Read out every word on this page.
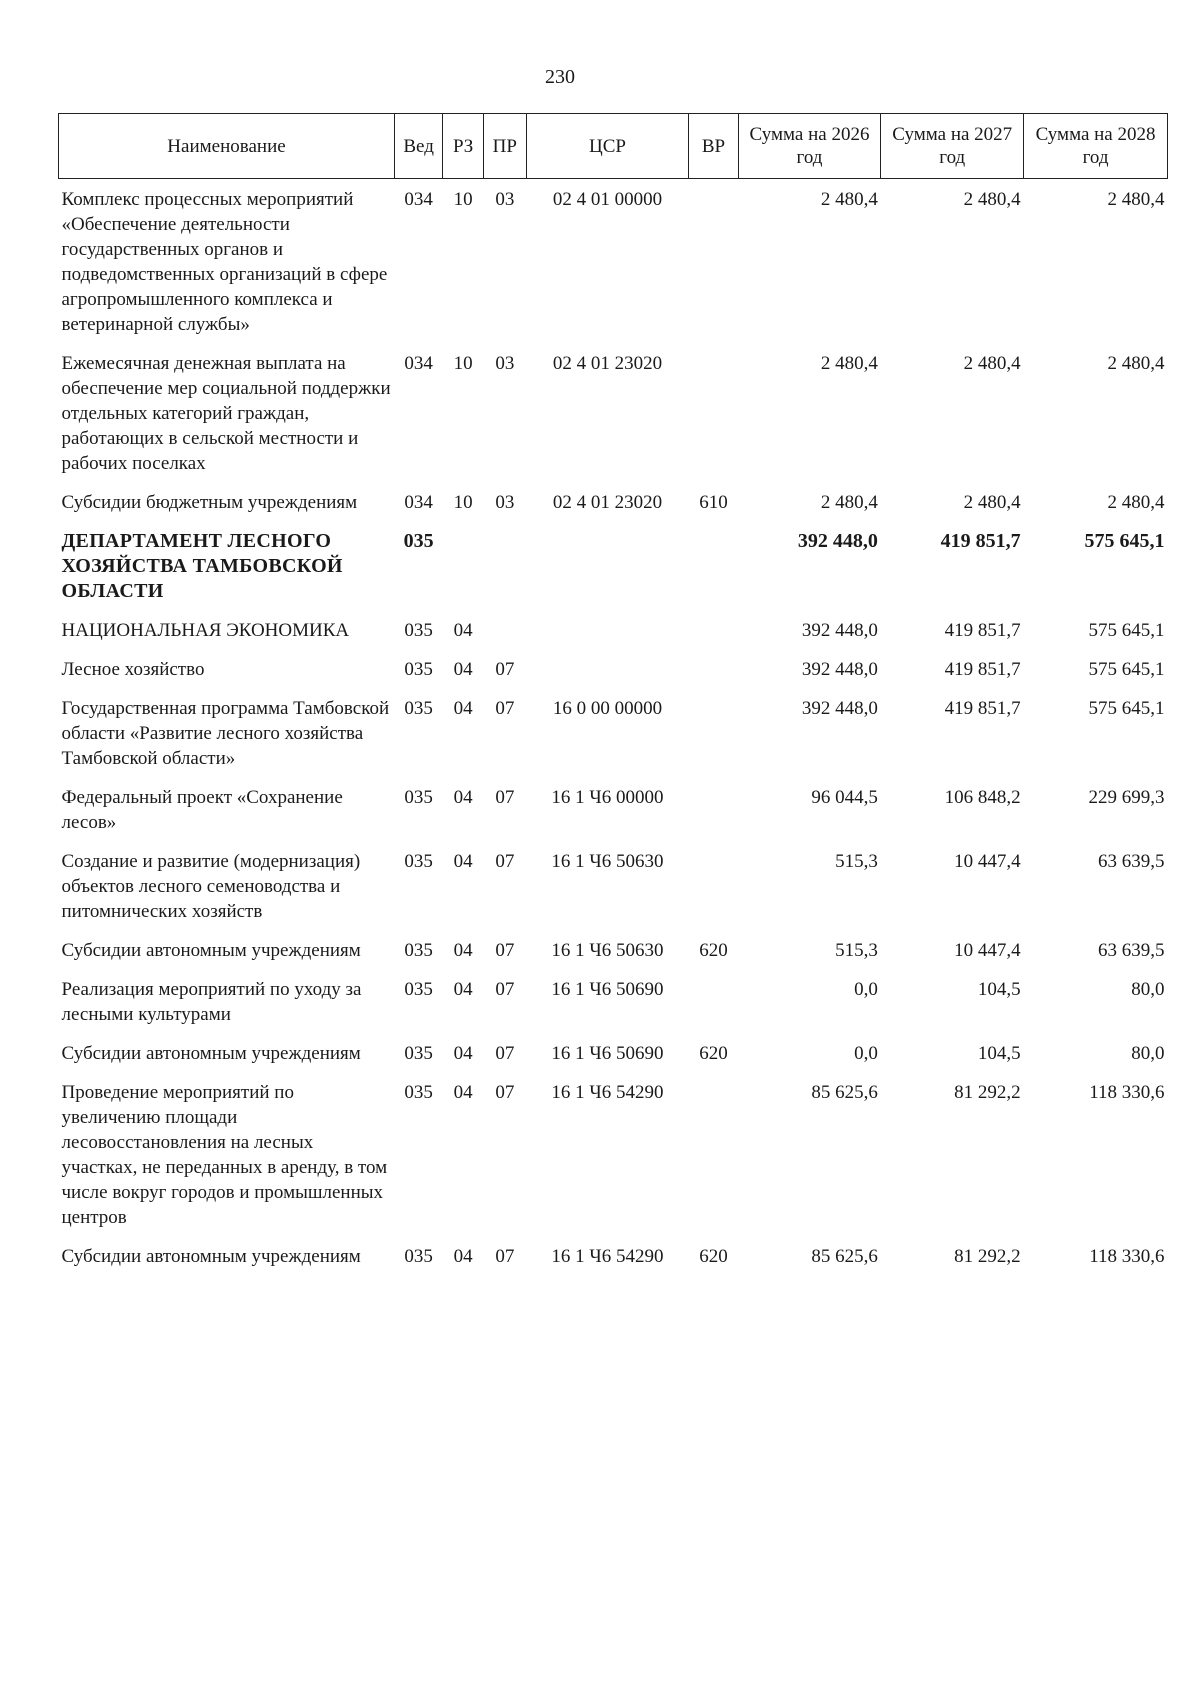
230
Наименование	Вед	РЗ	ПР	ЦСР	ВР	Сумма на 2026 год	Сумма на 2027 год	Сумма на 2028 год
Комплекс процессных мероприятий «Обеспечение деятельности государственных органов и подведомственных организаций в сфере агропромышленного комплекса и ветеринарной службы»	034	10	03	02 4 01 00000		2 480,4	2 480,4	2 480,4
Ежемесячная денежная выплата на обеспечение мер социальной поддержки отдельных категорий граждан, работающих в сельской местности и рабочих поселках	034	10	03	02 4 01 23020		2 480,4	2 480,4	2 480,4
Субсидии бюджетным учреждениям	034	10	03	02 4 01 23020	610	2 480,4	2 480,4	2 480,4
ДЕПАРТАМЕНТ ЛЕСНОГО ХОЗЯЙСТВА ТАМБОВСКОЙ ОБЛАСТИ	035					392 448,0	419 851,7	575 645,1
НАЦИОНАЛЬНАЯ ЭКОНОМИКА	035	04				392 448,0	419 851,7	575 645,1
Лесное хозяйство	035	04	07			392 448,0	419 851,7	575 645,1
Государственная программа Тамбовской области «Развитие лесного хозяйства Тамбовской области»	035	04	07	16 0 00 00000		392 448,0	419 851,7	575 645,1
Федеральный проект «Сохранение лесов»	035	04	07	16 1 Ч6 00000		96 044,5	106 848,2	229 699,3
Создание и развитие (модернизация) объектов лесного семеноводства и питомнических хозяйств	035	04	07	16 1 Ч6 50630		515,3	10 447,4	63 639,5
Субсидии автономным учреждениям	035	04	07	16 1 Ч6 50630	620	515,3	10 447,4	63 639,5
Реализация мероприятий по уходу за лесными культурами	035	04	07	16 1 Ч6 50690		0,0	104,5	80,0
Субсидии автономным учреждениям	035	04	07	16 1 Ч6 50690	620	0,0	104,5	80,0
Проведение мероприятий по увеличению площади лесовосстановления на лесных участках, не переданных в аренду, в том числе вокруг городов и промышленных центров	035	04	07	16 1 Ч6 54290		85 625,6	81 292,2	118 330,6
Субсидии автономным учреждениям	035	04	07	16 1 Ч6 54290	620	85 625,6	81 292,2	118 330,6
